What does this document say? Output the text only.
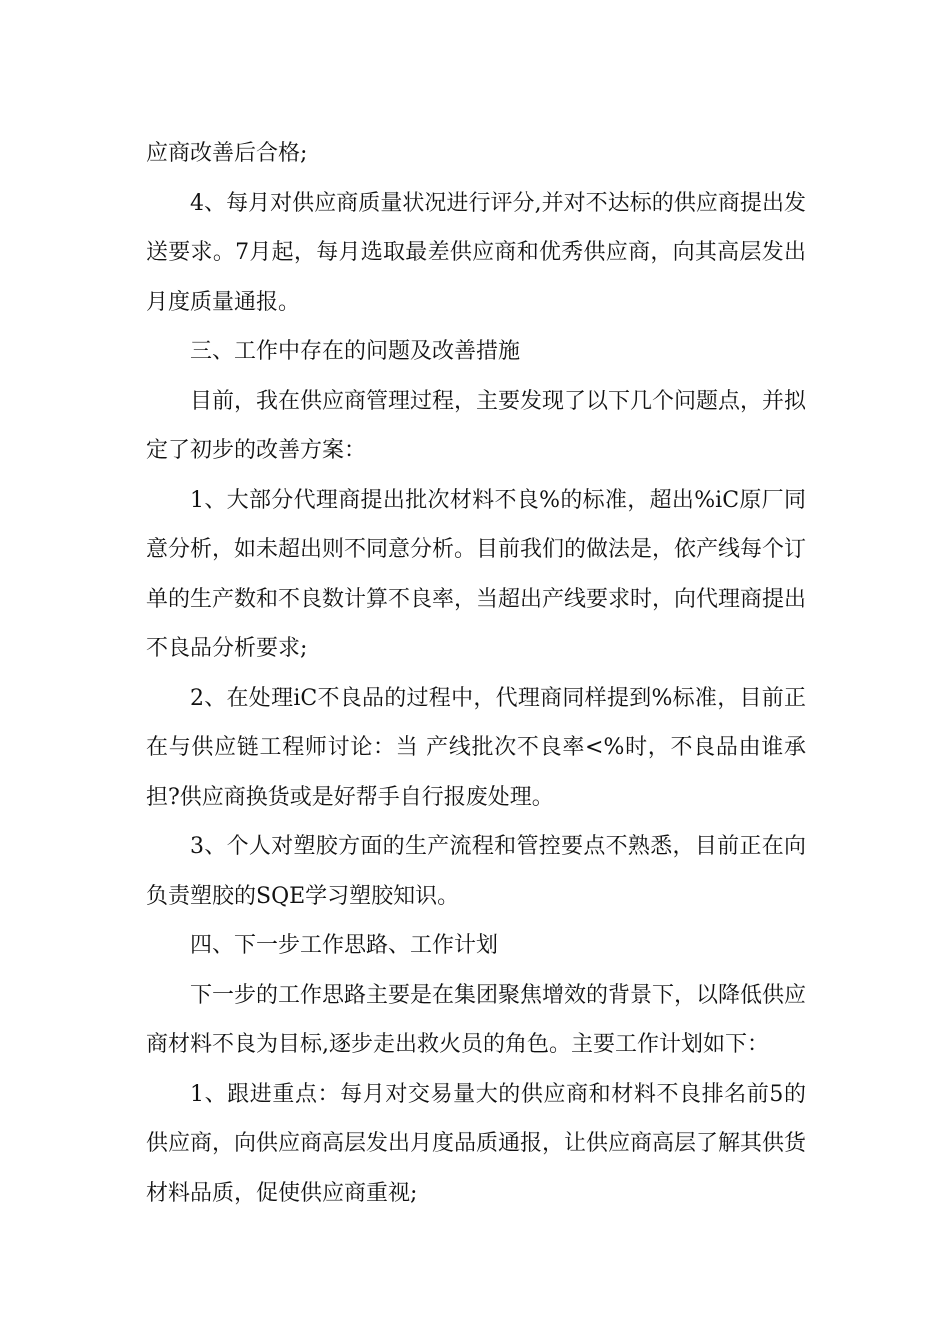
应商改善后合格;

4、每月对供应商质量状况进行评分,并对不达标的供应商提出发送要求。7月起，每月选取最差供应商和优秀供应商，向其高层发出月度质量通报。

三、工作中存在的问题及改善措施

目前，我在供应商管理过程，主要发现了以下几个问题点，并拟定了初步的改善方案：

1、大部分代理商提出批次材料不良%的标准，超出%iC原厂同意分析，如未超出则不同意分析。目前我们的做法是，依产线每个订单的生产数和不良数计算不良率，当超出产线要求时，向代理商提出不良品分析要求;

2、在处理iC不良品的过程中，代理商同样提到%标准，目前正在与供应链工程师讨论：当 产线批次不良率<%时，不良品由谁承担?供应商换货或是好帮手自行报废处理。

3、个人对塑胶方面的生产流程和管控要点不熟悉，目前正在向负责塑胶的SQE学习塑胶知识。

四、下一步工作思路、工作计划

下一步的工作思路主要是在集团聚焦增效的背景下，以降低供应商材料不良为目标,逐步走出救火员的角色。主要工作计划如下：

1、跟进重点：每月对交易量大的供应商和材料不良排名前5的供应商，向供应商高层发出月度品质通报，让供应商高层了解其供货材料品质，促使供应商重视;
